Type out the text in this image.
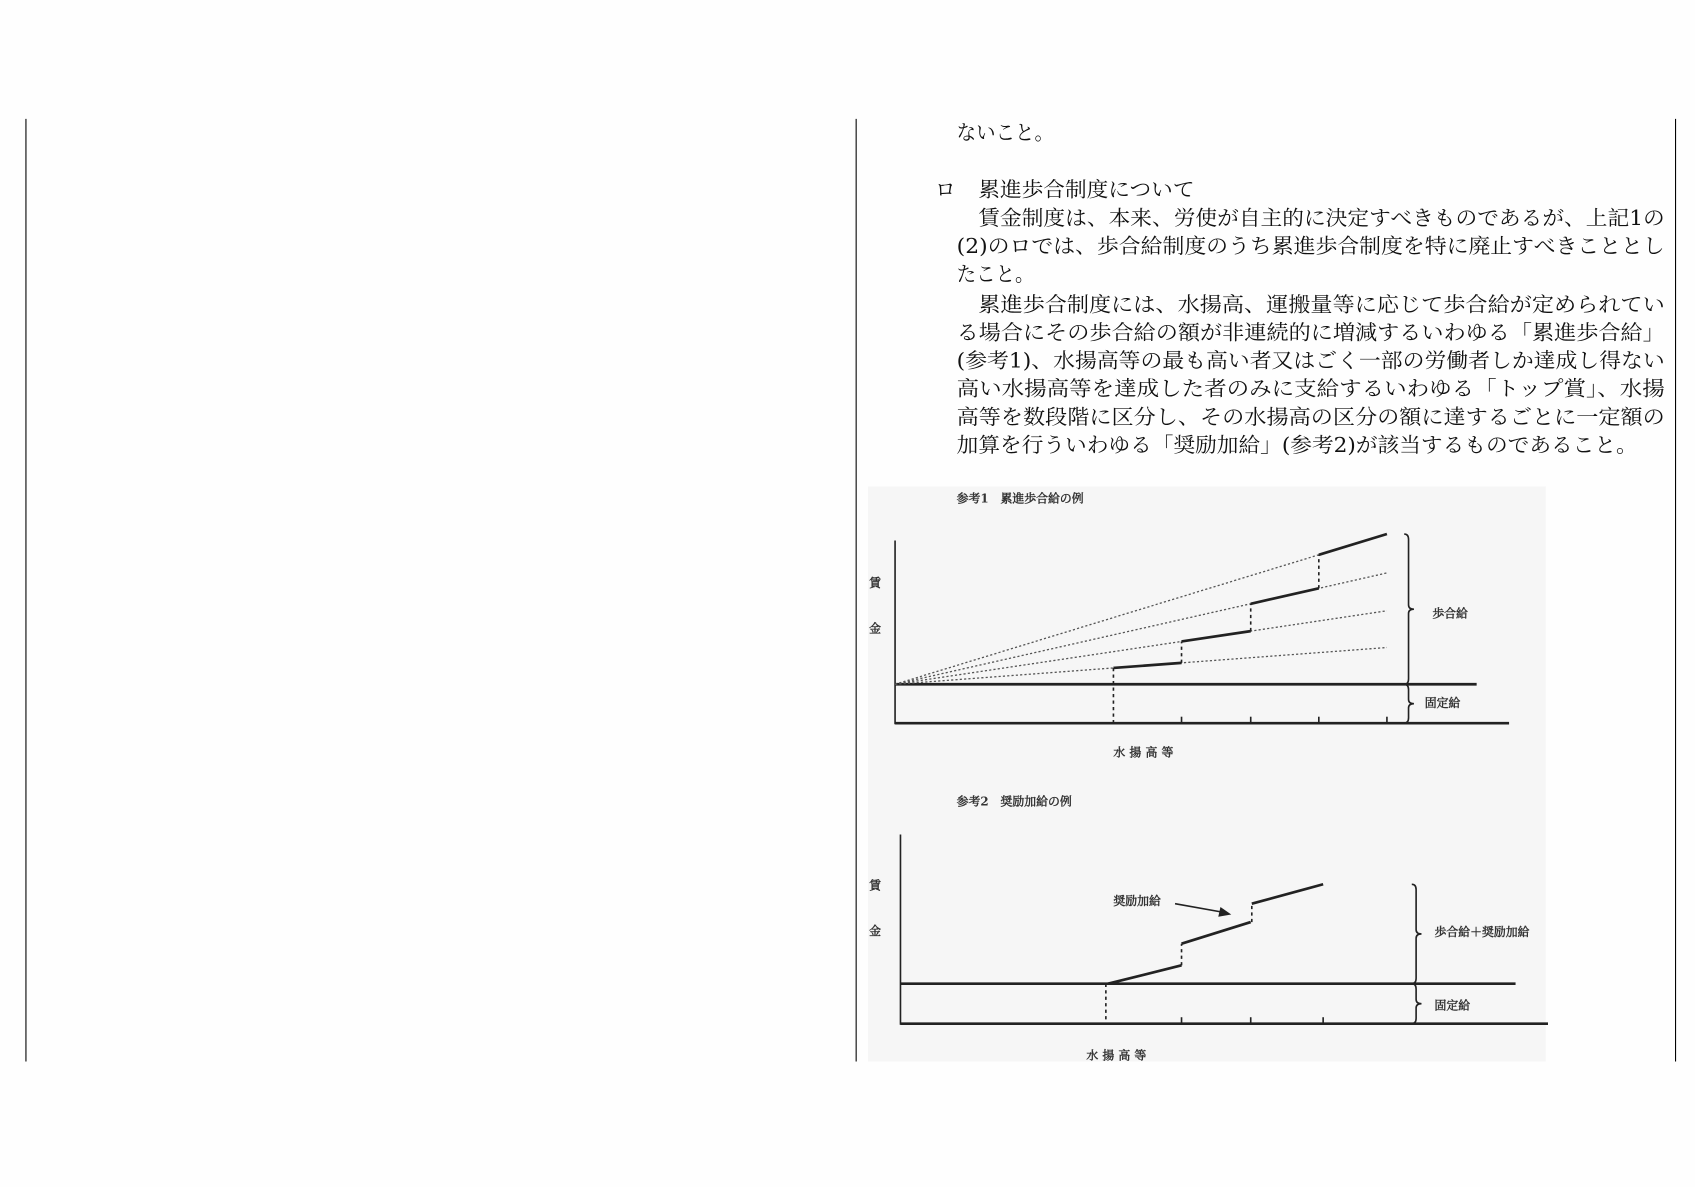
ないこと。
ロ 累進歩合制度について
賃金制度は、本来、労使が自主的に決定すべきものであるが、上記1の
(2)のロでは、歩合給制度のうち累進歩合制度を特に廃止すべきこととし
たこと。
累進歩合制度には、水揚高、運搬量等に応じて歩合給が定められてい
る場合にその歩合給の額が非連続的に増減するいわゆる「累進歩合給」
(参考1)、水揚高等の最も高い者又はごく一部の労働者しか達成し得ない
高い水揚高等を達成した者のみに支給するいわゆる「トップ賞」、水揚
高等を数段階に区分し、その水揚高の区分の額に達するごとに一定額の
加算を行ういわゆる「奨励加給」(参考2)が該当するものであること。
参考1　累進歩合給の例
賃
金
水 揚 高 等
歩合給
固定給
参考2　奨励加給の例
賃
金
水 揚 高 等
奨励加給
歩合給＋奨励加給
固定給
